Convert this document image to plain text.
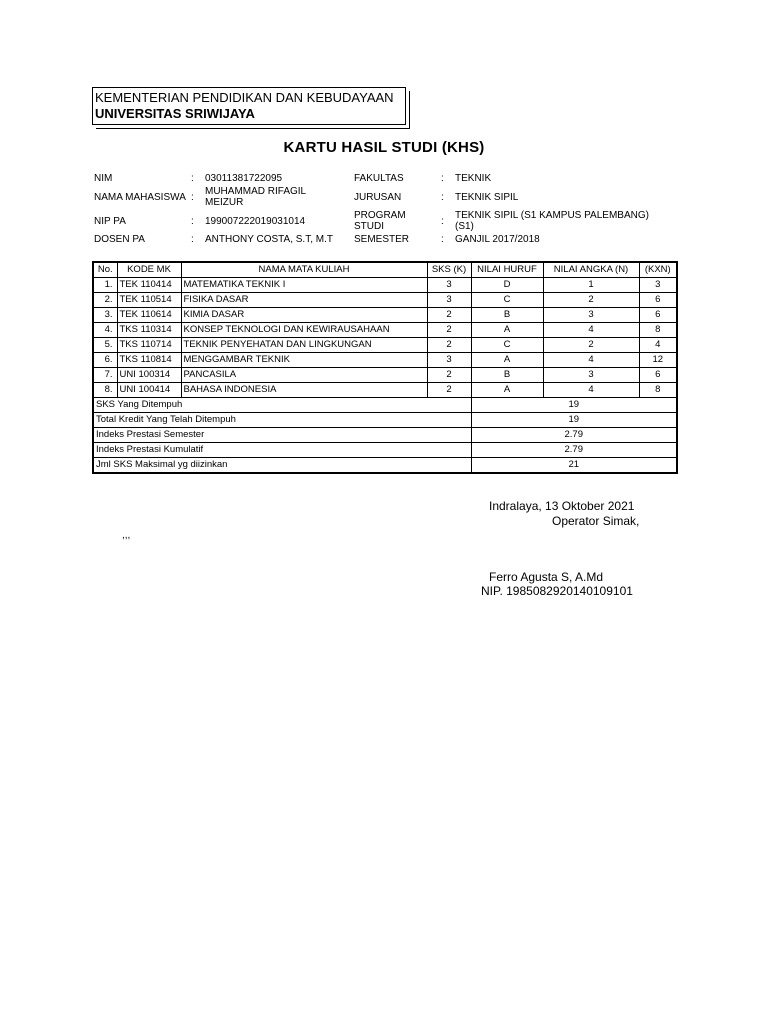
KEMENTERIAN PENDIDIKAN DAN KEBUDAYAAN
UNIVERSITAS SRIWIJAYA
KARTU HASIL STUDI (KHS)
NIM	: 03011381722095
NAMA MAHASISWA :
MUHAMMAD RIFAGIL MEIZUR
NIP PA	: 199007222019031014
DOSEN PA	: ANTHONY COSTA, S.T, M.T
FAKULTAS	: TEKNIK
JURUSAN	: TEKNIK SIPIL
PROGRAM STUDI	:
TEKNIK SIPIL (S1 KAMPUS PALEMBANG) (S1)
SEMESTER	: GANJIL 2017/2018
No.	KODE MK	NAMA MATA KULIAH	SKS (K)	NILAI HURUF	NILAI ANGKA (N)	(KXN)
1.	TEK 110414	MATEMATIKA TEKNIK I	3	D	1	3
2.	TEK 110514	FISIKA DASAR	3	C	2	6
3.	TEK 110614	KIMIA DASAR	2	B	3	6
4.	TKS 110314	KONSEP TEKNOLOGI DAN KEWIRAUSAHAAN	2	A	4	8
5.	TKS 110714	TEKNIK PENYEHATAN DAN LINGKUNGAN	2	C	2	4
6.	TKS 110814	MENGGAMBAR TEKNIK	3	A	4	12
7.	UNI 100314	PANCASILA	2	B	3	6
8.	UNI 100414	BAHASA INDONESIA	2	A	4	8
SKS Yang Ditempuh				19		
Total Kredit Yang Telah Ditempuh				19		
Indeks Prestasi Semester				2.79		
Indeks Prestasi Kumulatif				2.79		
Jml SKS Maksimal yg diizinkan				21		
Indralaya, 13 Oktober 2021
Operator Simak,
,,,
Ferro Agusta S, A.Md
NIP. 198508292014010910​1
